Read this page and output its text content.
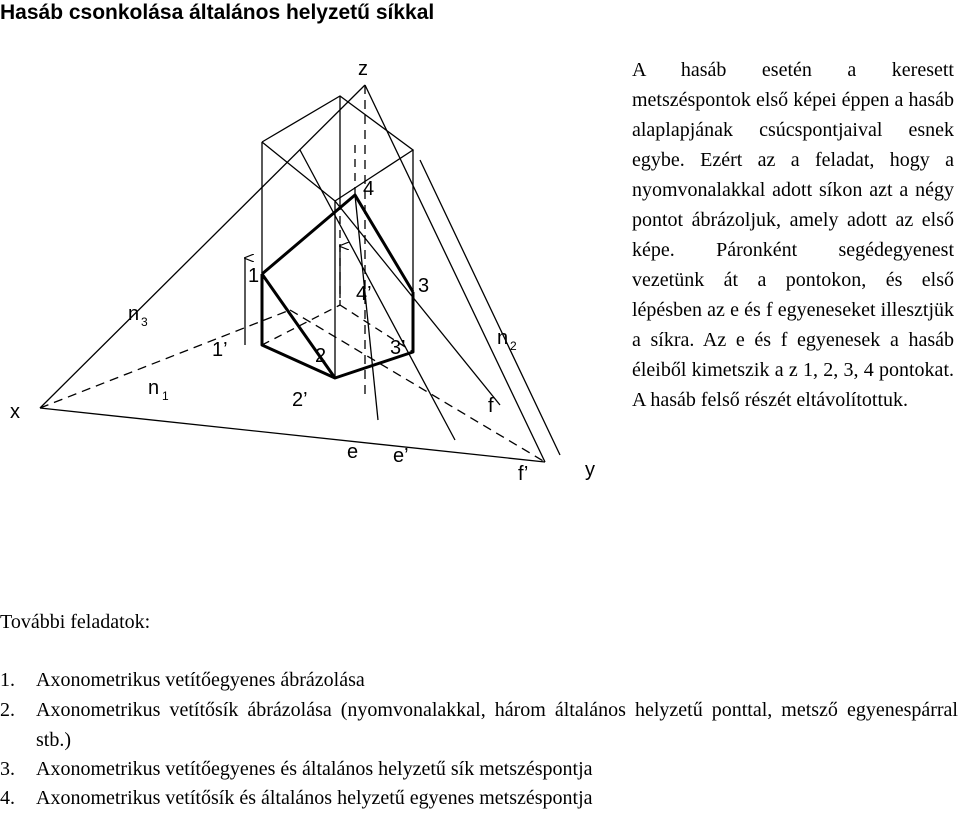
Hasáb csonkolása általános helyzetű síkkal
z
x
y
n 3
n 1
n 2
e e’
f
f’
1
1’	2
2’
3
3’
4
4’
A hasáb esetén a keresett metszéspontok első képei éppen a hasáb alaplapjának csúcspontjaival esnek egybe. Ezért az a feladat, hogy a nyomvonalakkal adott síkon azt a négy pontot ábrázoljuk, amely adott az első képe. Páronként segédegyenest vezetünk át a pontokon, és első lépésben az e és f egyeneseket illesztjük a síkra. Az e és f egyenesek a hasáb éleiből kimetszik a z 1, 2, 3, 4 pontokat. A hasáb felső részét eltávolítottuk.
További feladatok:
1. Axonometrikus vetítőegyenes ábrázolása
2. Axonometrikus vetítősík ábrázolása (nyomvonalakkal, három általános helyzetű ponttal, metsző egyenespárral stb.)
3. Axonometrikus vetítőegyenes és általános helyzetű sík metszéspontja
4. Axonometrikus vetítősík és általános helyzetű egyenes metszéspontja
